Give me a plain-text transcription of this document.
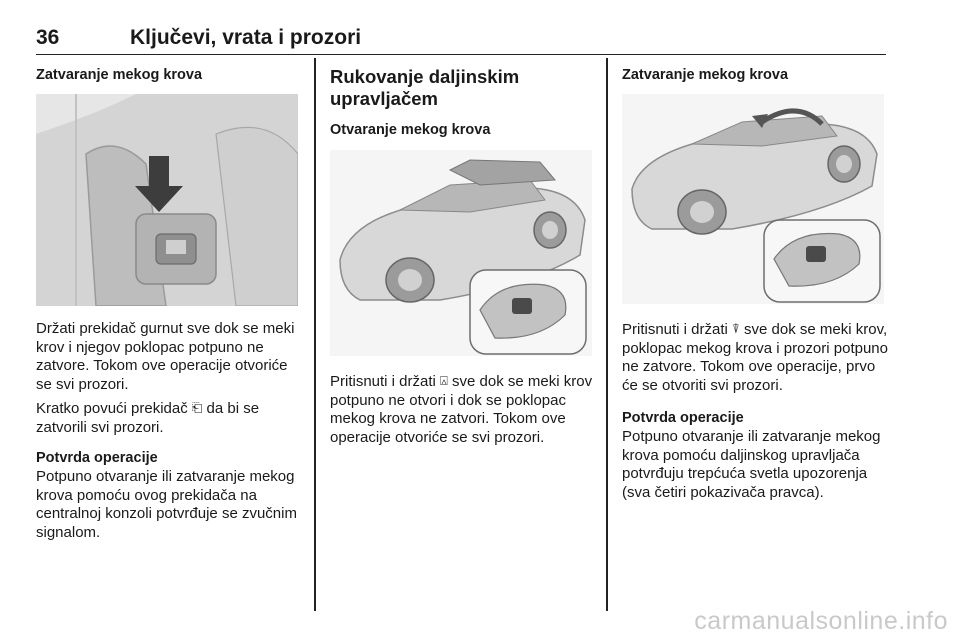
36	Ključevi, vrata i prozori
Zatvaranje mekog krova

Držati prekidač gurnut sve dok se meki krov i njegov poklopac potpuno ne zatvore. Tokom ove operacije otvoriće se svi prozori.

Kratko povući prekidač ⎗ da bi se zatvorili svi prozori.

Potvrda operacije

Potpuno otvaranje ili zatvaranje mekog krova pomoću ovog prekidača na centralnoj konzoli potvrđuje se zvučnim signalom.

Rukovanje daljinskim
upravljačem
Otvaranje mekog krova

Pritisnuti i držati ⍓ sve dok se meki krov potpuno ne otvori i dok se poklopac mekog krova ne zatvori. Tokom ove operacije otvoriće se svi prozori.

Zatvaranje mekog krova

Pritisnuti i držati ⍒ sve dok se meki krov, poklopac mekog krova i prozori potpuno ne zatvore. Tokom ove operacije, prvo će se otvoriti svi prozori.

Potvrda operacije

Potpuno otvaranje ili zatvaranje mekog krova pomoću daljinskog upravljača potvrđuju trepćuća svetla upozorenja (sva četiri pokazivača pravca).

carmanualsonline.info
